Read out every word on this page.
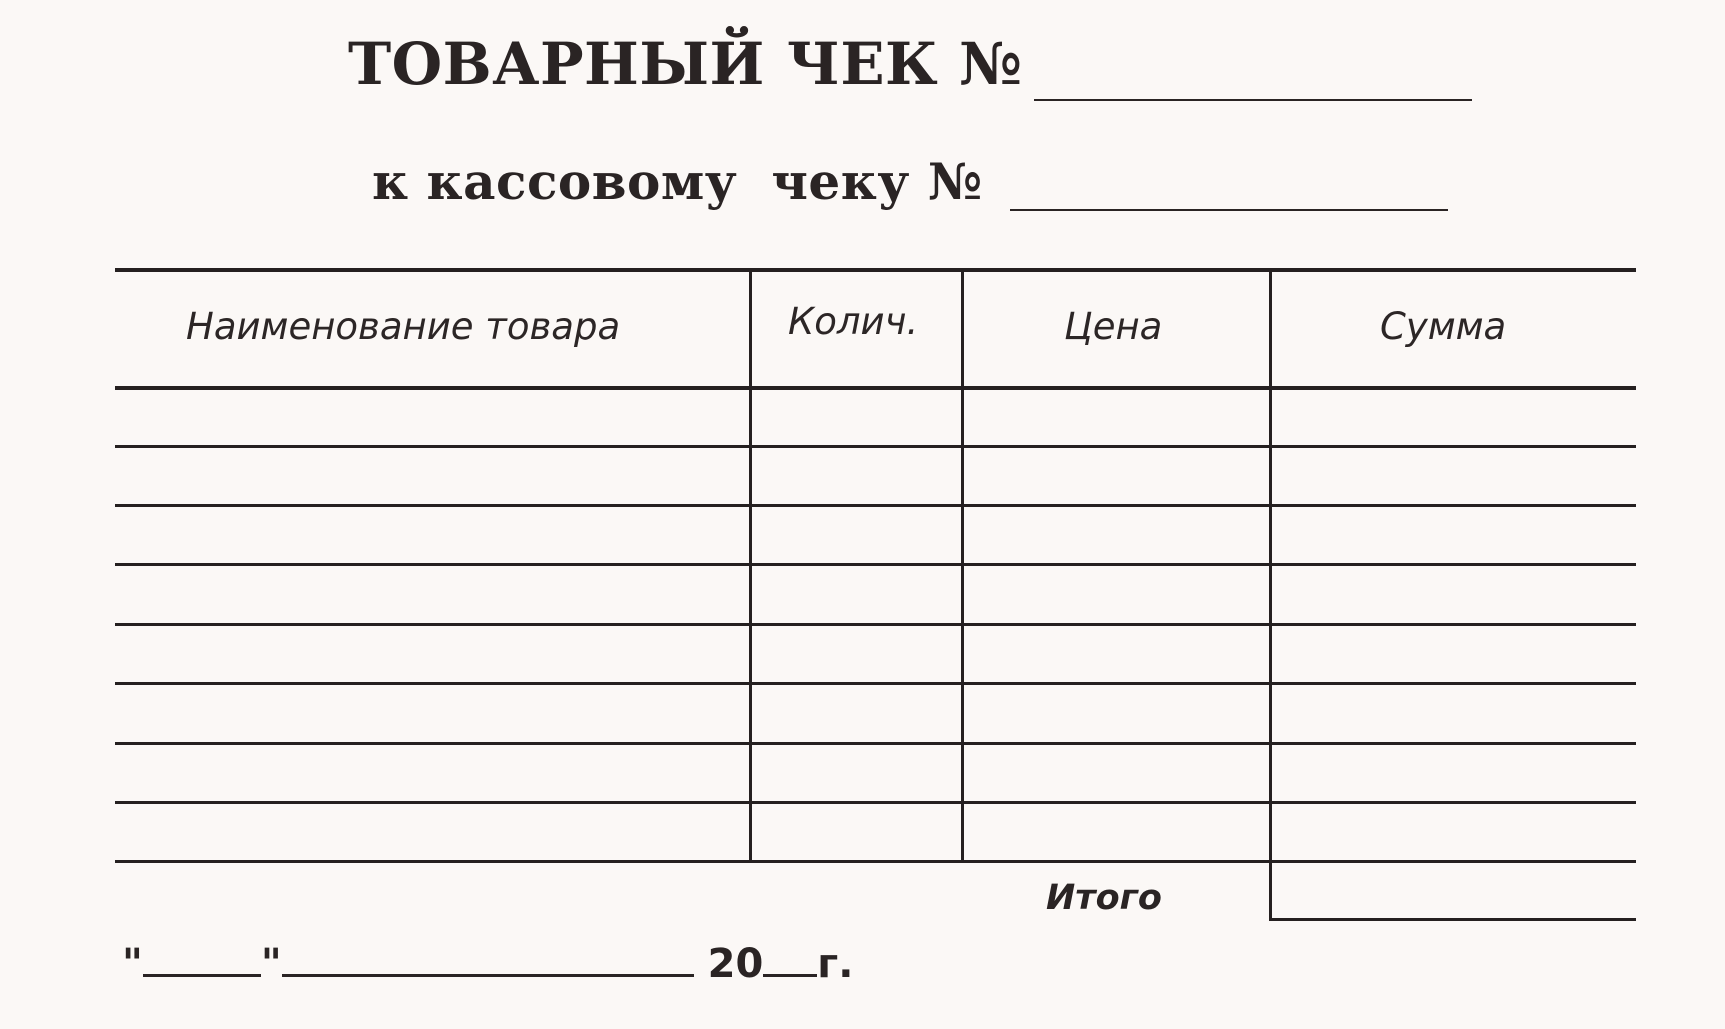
ТОВАРНЫЙ ЧЕК №
к кассовому чеку №
Наименование товара	Колич.	Цена	Сумма
Итого
"	"	20 г.
